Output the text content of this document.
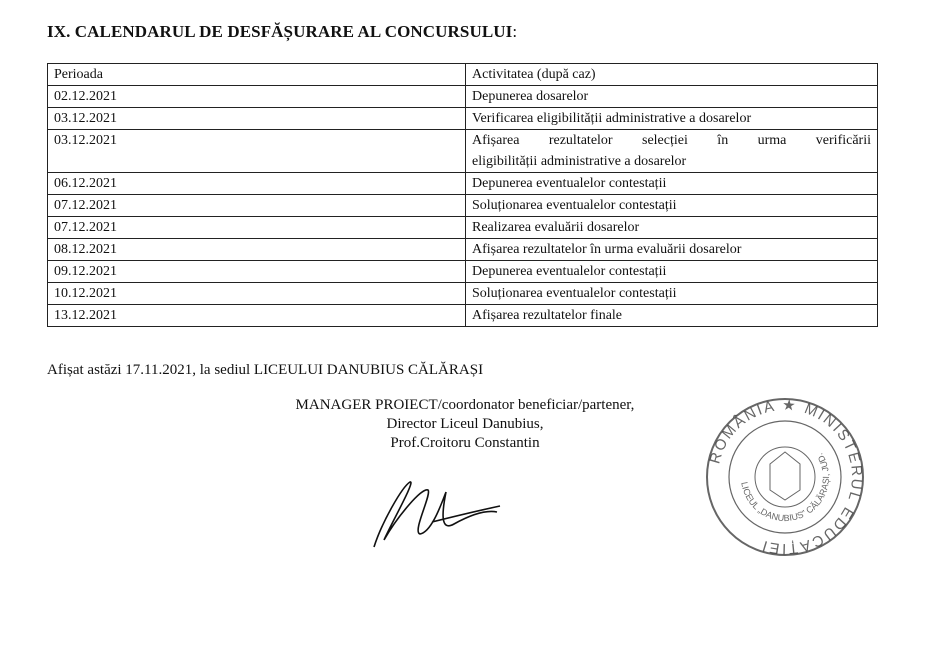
IX. CALENDARUL DE DESFĂȘURARE AL CONCURSULUI:
Perioada	Activitatea (după caz)
02.12.2021	Depunerea dosarelor
03.12.2021	Verificarea eligibilității administrative a dosarelor
03.12.2021	Afișarea rezultatelor selecției în urma verificării
eligibilității administrative a dosarelor

06.12.2021	Depunerea eventualelor contestații
07.12.2021	Soluționarea eventualelor contestații
07.12.2021	Realizarea evaluării dosarelor
08.12.2021	Afișarea rezultatelor în urma evaluării dosarelor
09.12.2021	Depunerea eventualelor contestații
10.12.2021	Soluționarea eventualelor contestații
13.12.2021	Afișarea rezultatelor finale
Afișat astăzi 17.11.2021, la sediul LICEULUI DANUBIUS CĂLĂRAȘI
MANAGER PROIECT/coordonator beneficiar/partener,
Director Liceul Danubius,
Prof.Croitoru Constantin
ROMÂNIA ★ MINISTERUL EDUCAȚIEI
LICEUL „DANUBIUS” CĂLĂRAȘI, JUD.
